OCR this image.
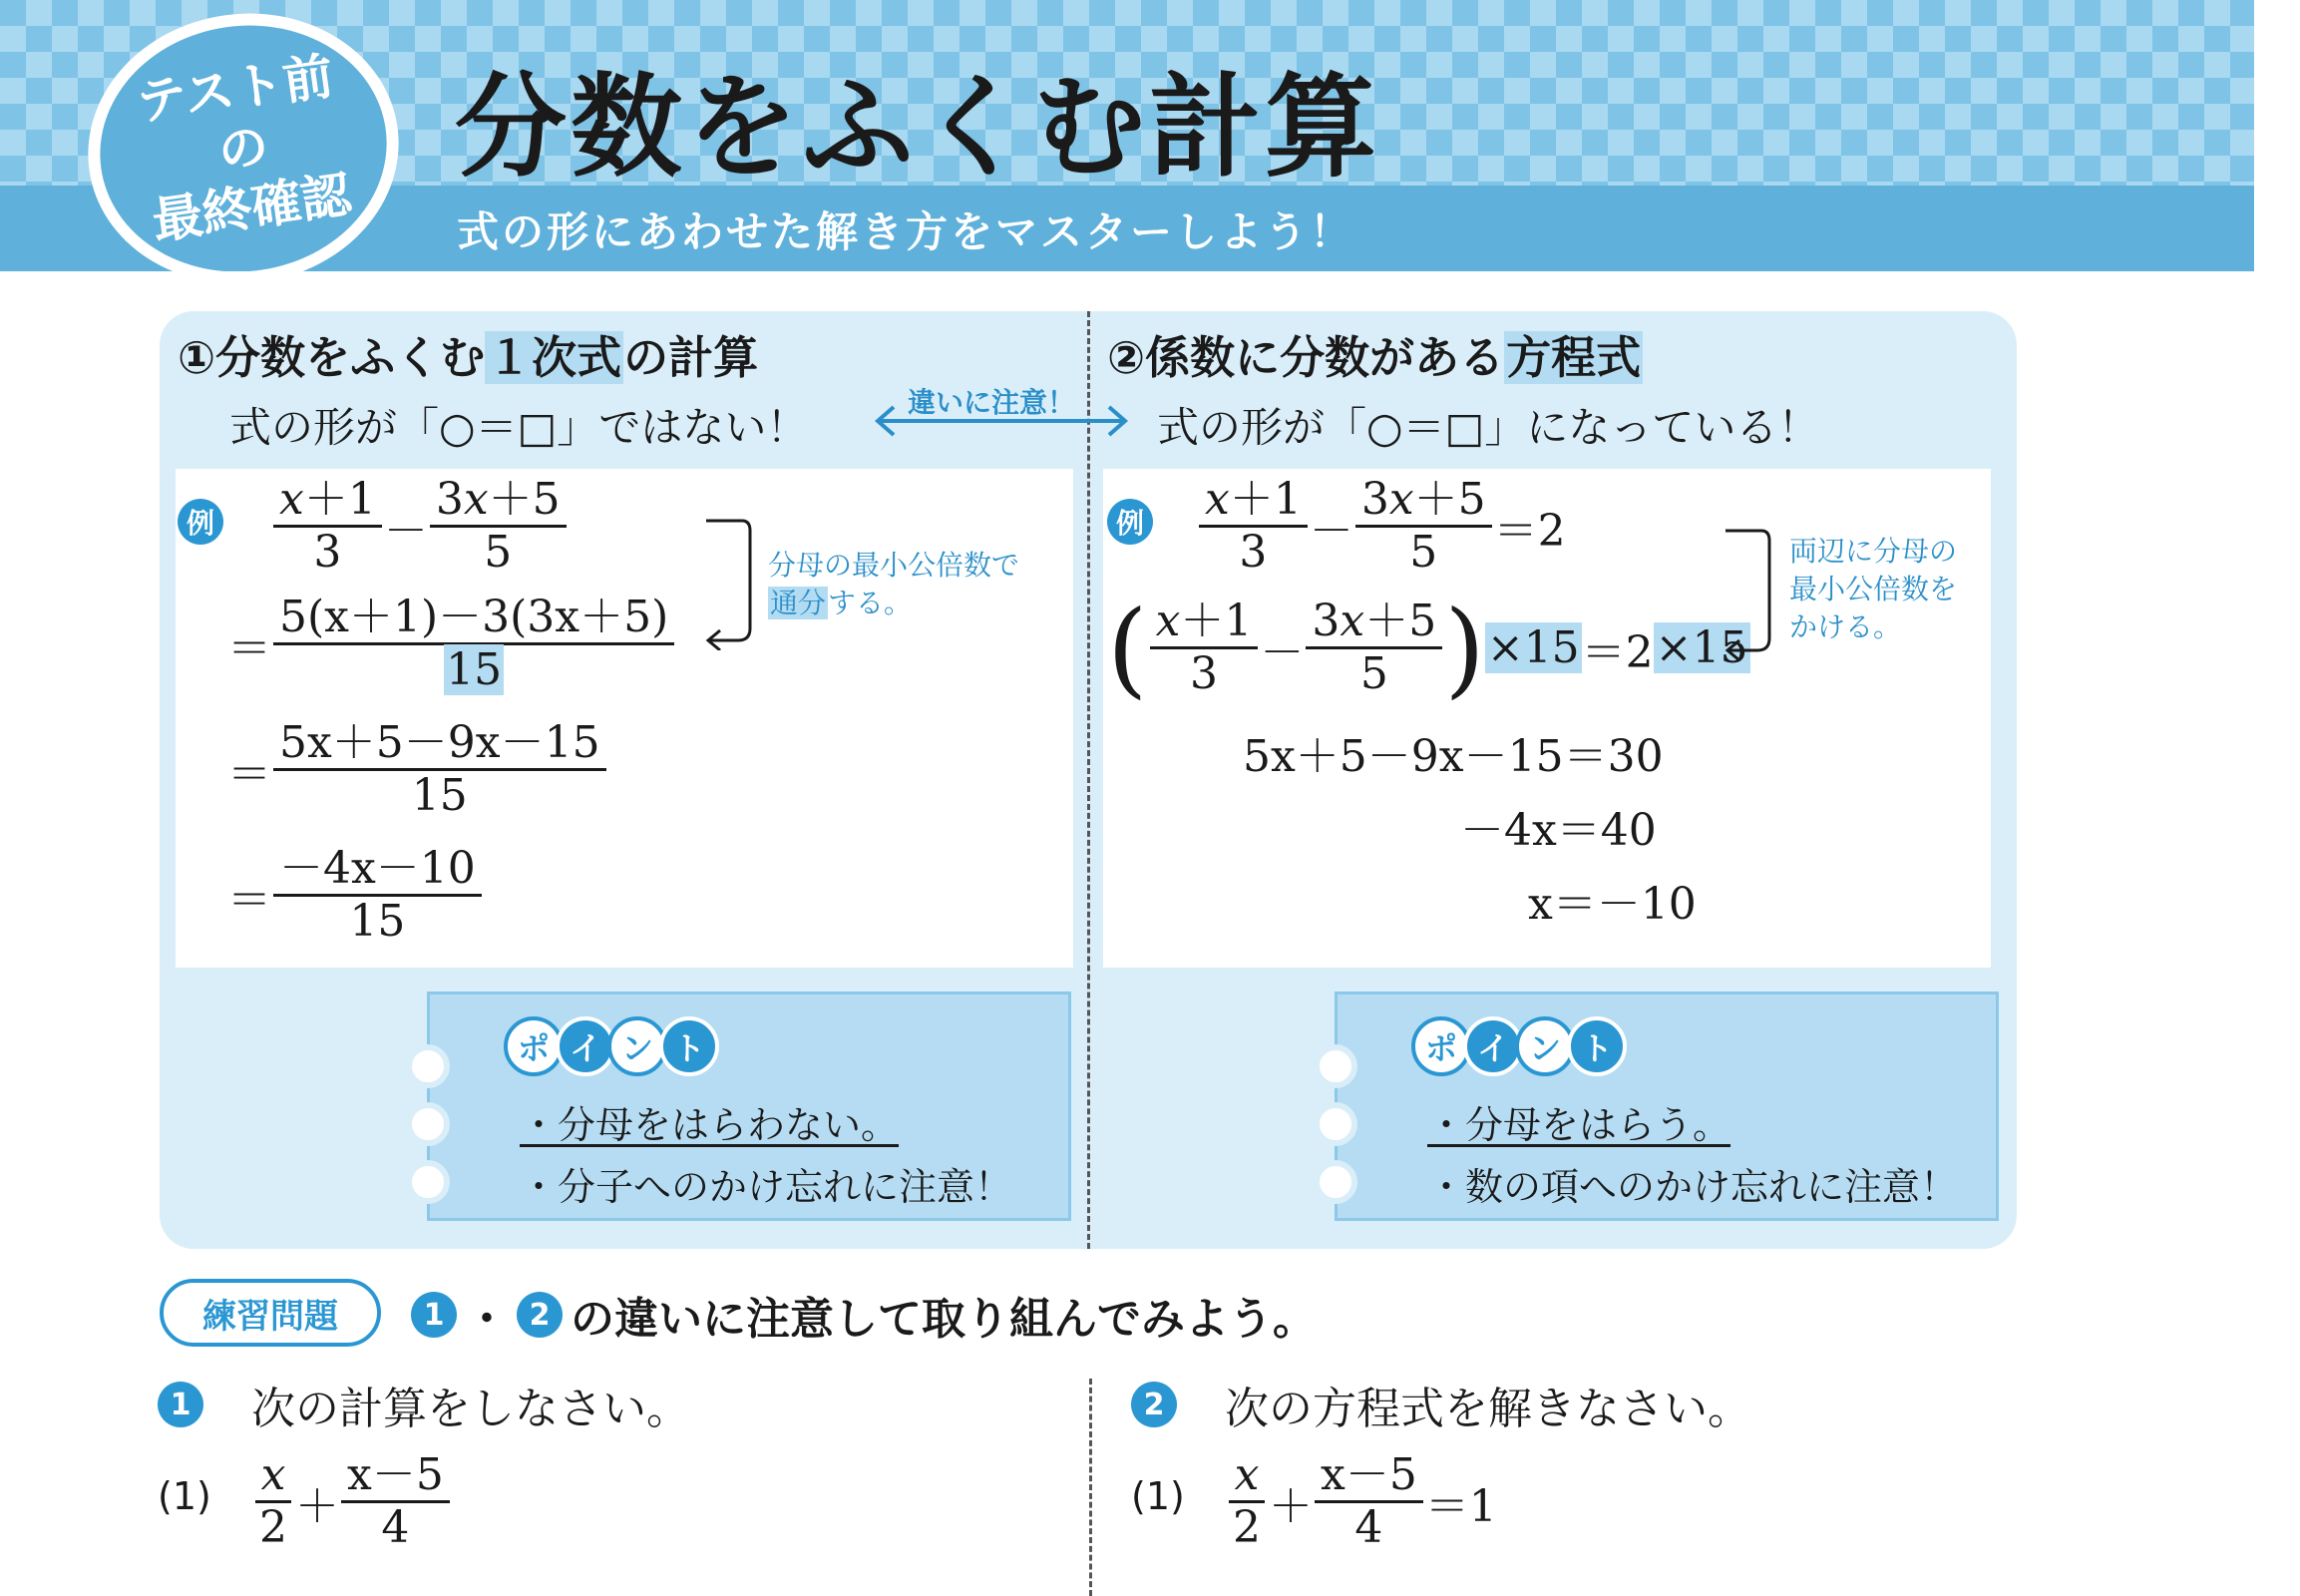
テスト前
の
最終確認
分数をふくむ計算
式の形にあわせた解き方をマスターしよう！
①分数をふくむ１次式の計算
式の形が「○＝□」ではない！
②係数に分数がある方程式
式の形が「○＝□」になっている！
違いに注意！
例 $\frac{x+1}{3} - \frac{3x+5}{5}$
＝ $\frac{5(x+1)-3(3x+5)}{15}$
＝ $\frac{5x+5-9x-15}{15}$
＝ $\frac{-4x-10}{15}$
分母の最小公倍数で
通分する。
例 $\frac{x+1}{3} - \frac{3x+5}{5} =2$
( $\frac{x+1}{3} - \frac{3x+5}{5}$ ) ×15 ＝2 ×15
5x＋5－9x－15＝30
－4x＝40
x＝－10
両辺に分母の
最小公倍数を
かける。
ポ イ ン ト
・分母をはらわない。
・分子へのかけ忘れに注意！
ポ イ ン ト
・分母をはらう。
・数の項へのかけ忘れに注意！
練習問題	1 ・ 2 の違いに注意して取り組んでみよう。
1 次の計算をしなさい。	2 次の方程式を解きなさい。
$(1) \frac{x}{2} + \frac{x-5}{4}$	$(1) \frac{x}{2} + \frac{x-5}{4} =1$
